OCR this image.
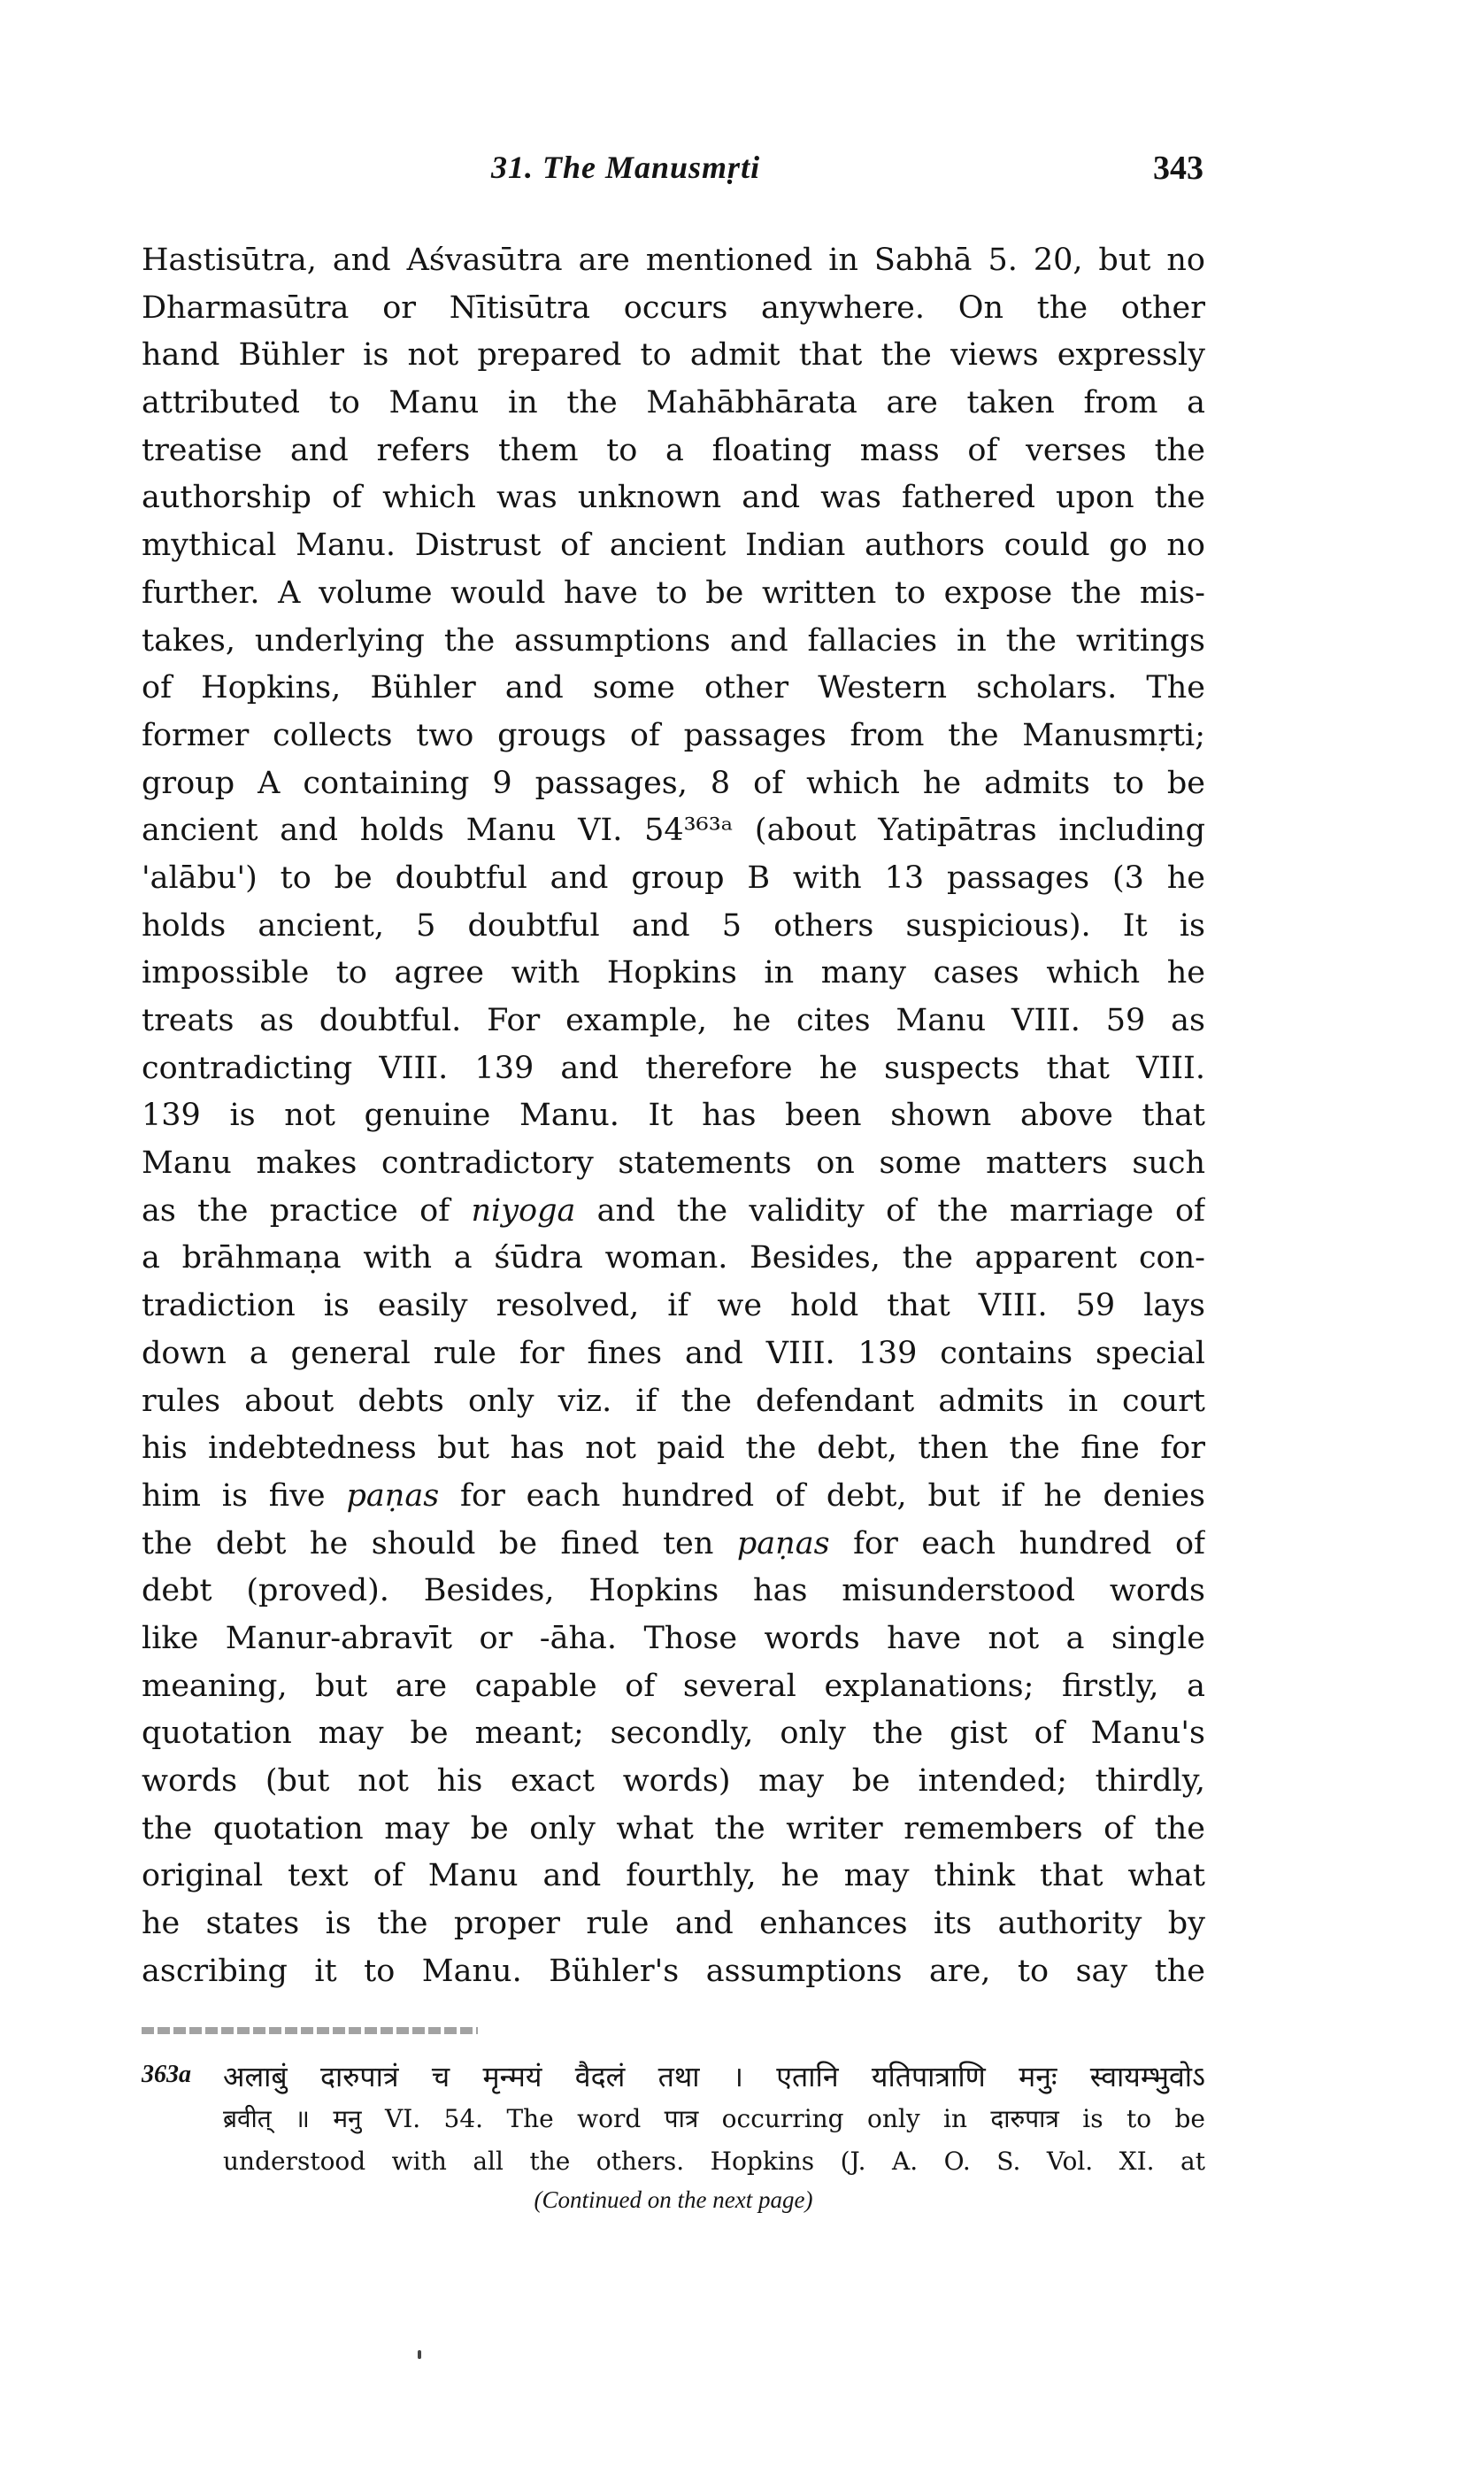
31. The Manusmṛti	343
Hastisūtra, and Aśvasūtra are mentioned in Sabhā 5. 20, but no
Dharmasūtra or Nītisūtra occurs anywhere. On the other
hand Bühler is not prepared to admit that the views expressly
attributed to Manu in the Mahābhārata are taken from a
treatise and refers them to a floating mass of verses the
authorship of which was unknown and was fathered upon the
mythical Manu. Distrust of ancient Indian authors could go no
further. A volume would have to be written to expose the mis-
takes, underlying the assumptions and fallacies in the writings
of Hopkins, Bühler and some other Western scholars. The
former collects two grougs of passages from the Manusmṛti;
group A containing 9 passages, 8 of which he admits to be
ancient and holds Manu VI. 54³⁶³ᵃ (about Yatipātras including
'alābu') to be doubtful and group B with 13 passages (3 he
holds ancient, 5 doubtful and 5 others suspicious). It is
impossible to agree with Hopkins in many cases which he
treats as doubtful. For example, he cites Manu VIII. 59 as
contradicting VIII. 139 and therefore he suspects that VIII.
139 is not genuine Manu. It has been shown above that
Manu makes contradictory statements on some matters such
as the practice of niyoga and the validity of the marriage of
a brāhmaṇa with a śūdra woman. Besides, the apparent con-
tradiction is easily resolved, if we hold that VIII. 59 lays
down a general rule for fines and VIII. 139 contains special
rules about debts only viz. if the defendant admits in court
his indebtedness but has not paid the debt, then the fine for
him is five paṇas for each hundred of debt, but if he denies
the debt he should be fined ten paṇas for each hundred of
debt (proved). Besides, Hopkins has misunderstood words
like Manur-abravīt or -āha. Those words have not a single
meaning, but are capable of several explanations; firstly, a
quotation may be meant; secondly, only the gist of Manu's
words (but not his exact words) may be intended; thirdly,
the quotation may be only what the writer remembers of the
original text of Manu and fourthly, he may think that what
he states is the proper rule and enhances its authority by
ascribing it to Manu. Bühler's assumptions are, to say the
363a अलाबुं दारुपात्रं च मृन्मयं वैदलं तथा । एतानि यतिपात्राणि मनुः स्वायम्भुवोऽ
ब्रवीत् ॥ मनु VI. 54. The word पात्र occurring only in दारुपात्र is to be
understood with all the others. Hopkins (J. A. O. S. Vol. XI. at
(Continued on the next page)
